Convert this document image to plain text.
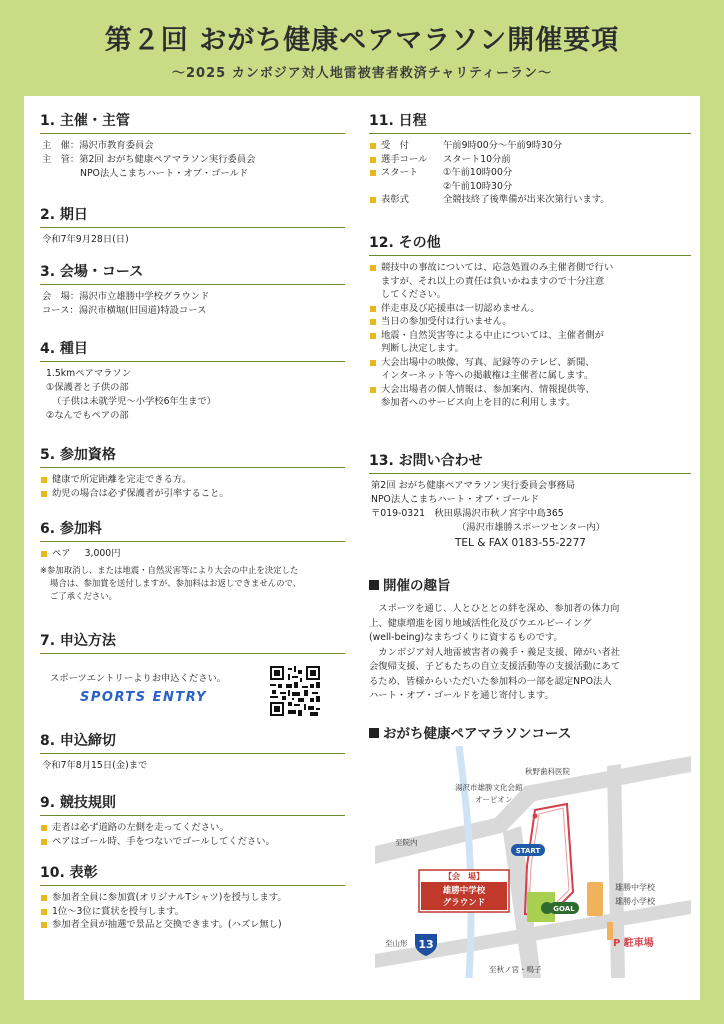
第２回 おがち健康ペアマラソン開催要項
～2025 カンボジア対人地雷被害者救済チャリティーラン～
1. 主催・主管
主　催：湯沢市教育委員会
主　管：第2回 おがち健康ペアマラソン実行委員会
NPO法人こまちハート・オブ・ゴールド
2. 期日
令和7年9月28日(日)
3. 会場・コース
会　場：湯沢市立雄勝中学校グラウンド
コース：湯沢市横堀(旧国道)特設コース
4. 種目
1.5kmペアマラソン
①保護者と子供の部
（子供は未就学児～小学校6年生まで）
②なんでもペアの部
5. 参加資格
健康で所定距離を完走できる方。
幼児の場合は必ず保護者が引率すること。
6. 参加料
ペア 3,000円
※参加取消し、または地震・自然災害等により大会の中止を決定した
場合は、参加賞を送付しますが、参加料はお返しできませんので、
ご了承ください。
7. 申込方法
スポーツエントリーよりお申込ください。
SPORTS ENTRY
8. 申込締切
令和7年8月15日(金)まで
9. 競技規則
走者は必ず道路の左側を走ってください。
ペアはゴール時、手をつないでゴールしてください。
10. 表彰
参加者全員に参加賞(オリジナルTシャツ)を授与します。
1位～3位に賞状を授与します。
参加者全員が抽選で景品と交換できます。(ハズレ無し)
11. 日程
受　付	午前9時00分～午前9時30分
選手コール スタート10分前
スタート	①午前10時00分
②午前10時30分
表彰式	全競技終了後準備が出来次第行います。
12. その他
競技中の事故については、応急処置のみ主催者側で行い
ますが、それ以上の責任は負いかねますので十分注意
してください。
伴走車及び応援車は一切認めません。
当日の参加受付は行いません。
地震・自然災害等による中止については、主催者側が
判断し決定します。
大会出場中の映像、写真、記録等のテレビ、新聞、
インターネット等への掲載権は主催者に属します。
大会出場者の個人情報は、参加案内、情報提供等、
参加者へのサービス向上を目的に利用します。
13. お問い合わせ
第2回 おがち健康ペアマラソン実行委員会事務局
NPO法人こまちハート・オブ・ゴールド
〒019-0321　秋田県湯沢市秋ノ宮字中島365
（湯沢市雄勝スポーツセンター内）
TEL & FAX 0183-55-2277
開催の趣旨
スポーツを通じ、人とひととの絆を深め、参加者の体力向
上、健康増進を図り地域活性化及びウエルビーイング
(well-being)なまちづくりに資するものです。
カンボジア対人地雷被害者の義手・義足支援、障がい者社
会復帰支援、子どもたちの自立支援活動等の支援活動にあて
るため、皆様からいただいた参加料の一部を認定NPO法人
ハート・オブ・ゴールドを通じ寄付します。
おがち健康ペアマラソンコース
13
START
GOAL
【会　場】
雄勝中学校
グラウンド
秋野歯科医院
湯沢市雄勝文化会館
オービオン
至院内
雄勝中学校
雄勝小学校
至山形
至秋ノ宮・鳴子
P 駐車場
